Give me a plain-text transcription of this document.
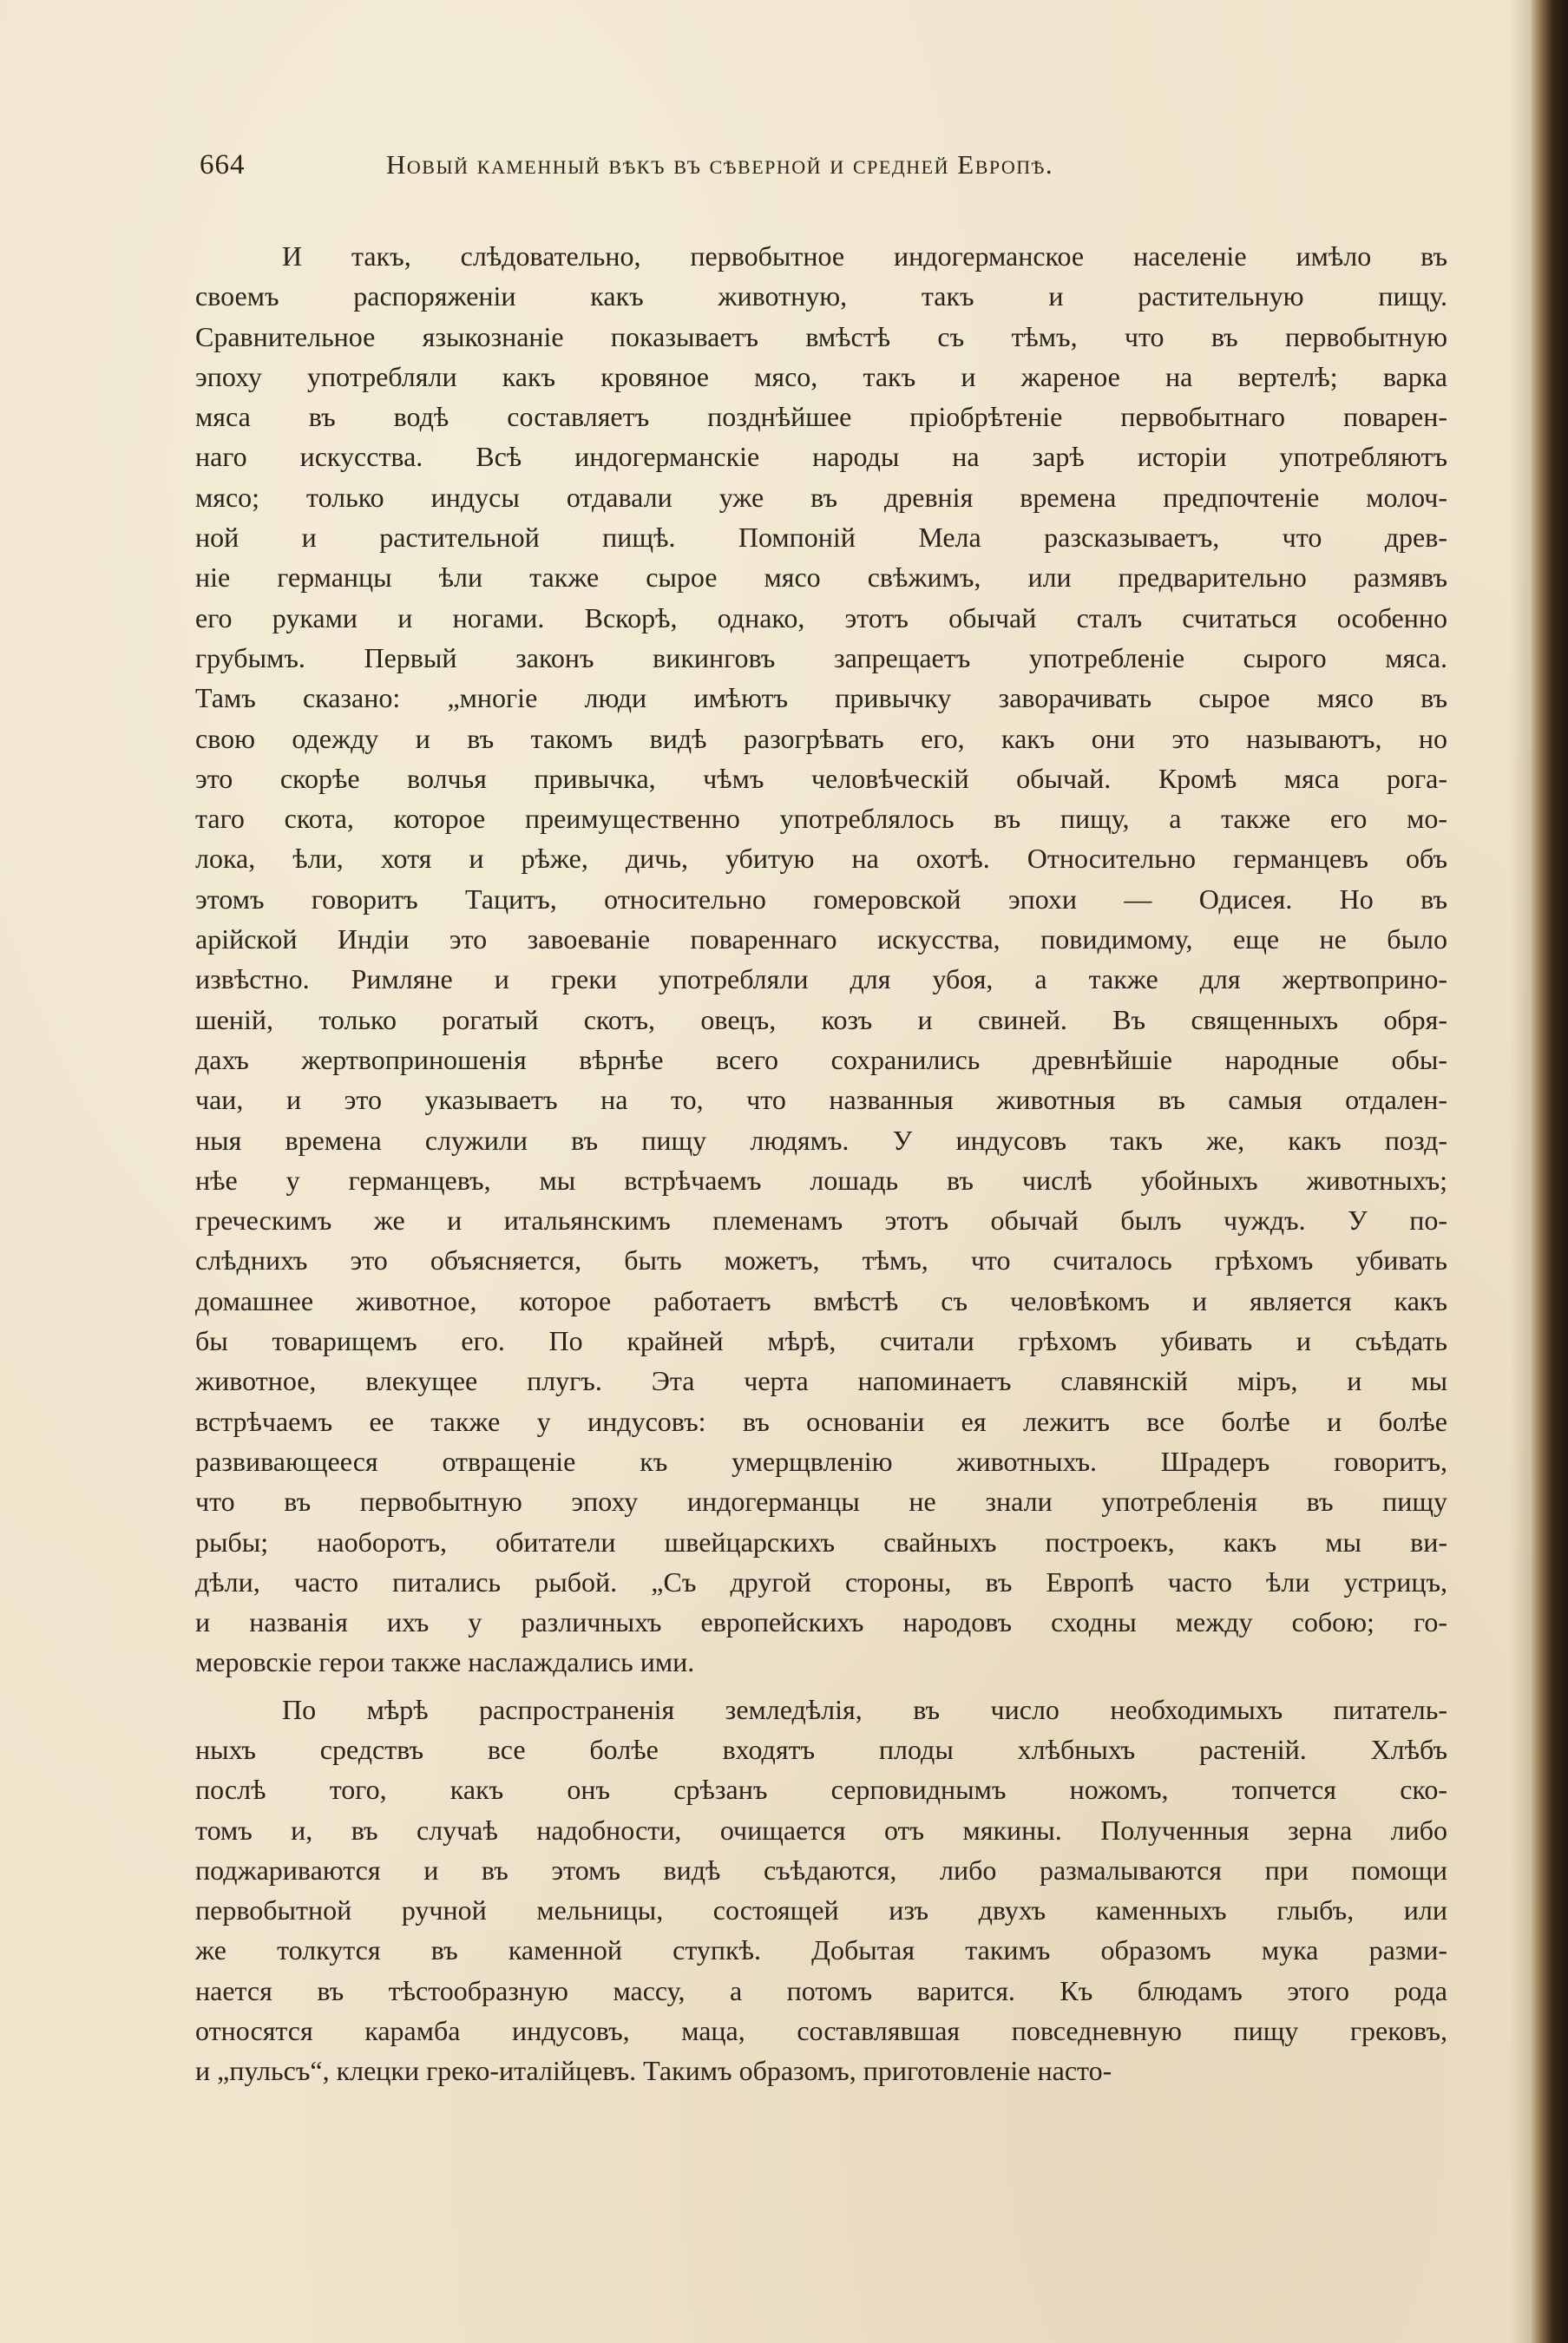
664	Новый каменный вѣкъ въ сѣверной и средней Европѣ.
И такъ, слѣдовательно, первобытное индогерманское населеніе имѣло въ
своемъ распоряженіи какъ животную, такъ и растительную пищу.
Сравнительное языкознаніе показываетъ вмѣстѣ съ тѣмъ, что въ первобытную
эпоху употребляли какъ кровяное мясо, такъ и жареное на вертелѣ; варка
мяса въ водѣ составляетъ позднѣйшее пріобрѣтеніе первобытнаго поварен-
наго искусства. Всѣ индогерманскіе народы на зарѣ исторіи употребляютъ
мясо; только индусы отдавали уже въ древнія времена предпочтеніе молоч-
ной и растительной пищѣ. Помпоній Мела разсказываетъ, что древ-
ніе германцы ѣли также сырое мясо свѣжимъ, или предварительно размявъ
его руками и ногами. Вскорѣ, однако, этотъ обычай сталъ считаться особенно
грубымъ. Первый законъ викинговъ запрещаетъ употребленіе сырого мяса.
Тамъ сказано: „многіе люди имѣютъ привычку заворачивать сырое мясо въ
свою одежду и въ такомъ видѣ разогрѣвать его, какъ они это называютъ, но
это скорѣе волчья привычка, чѣмъ человѣческій обычай. Кромѣ мяса рога-
таго скота, которое преимущественно употреблялось въ пищу, а также его мо-
лока, ѣли, хотя и рѣже, дичь, убитую на охотѣ. Относительно германцевъ объ
этомъ говоритъ Тацитъ, относительно гомеровской эпохи — Одисея. Но въ
арійской Индіи это завоеваніе повареннаго искусства, повидимому, еще не было
извѣстно. Римляне и греки употребляли для убоя, а также для жертвоприно-
шеній, только рогатый скотъ, овецъ, козъ и свиней. Въ священныхъ обря-
дахъ жертвоприношенія вѣрнѣе всего сохранились древнѣйшіе народные обы-
чаи, и это указываетъ на то, что названныя животныя въ самыя отдален-
ныя времена служили въ пищу людямъ. У индусовъ такъ же, какъ позд-
нѣе у германцевъ, мы встрѣчаемъ лошадь въ числѣ убойныхъ животныхъ;
греческимъ же и итальянскимъ племенамъ этотъ обычай былъ чуждъ. У по-
слѣднихъ это объясняется, быть можетъ, тѣмъ, что считалось грѣхомъ убивать
домашнее животное, которое работаетъ вмѣстѣ съ человѣкомъ и является какъ
бы товарищемъ его. По крайней мѣрѣ, считали грѣхомъ убивать и съѣдать
животное, влекущее плугъ. Эта черта напоминаетъ славянскій міръ, и мы
встрѣчаемъ ее также у индусовъ: въ основаніи ея лежитъ все болѣе и болѣе
развивающееся отвращеніе къ умерщвленію животныхъ. Шрадеръ говоритъ,
что въ первобытную эпоху индогерманцы не знали употребленія въ пищу
рыбы; наоборотъ, обитатели швейцарскихъ свайныхъ построекъ, какъ мы ви-
дѣли, часто питались рыбой. „Съ другой стороны, въ Европѣ часто ѣли устрицъ,
и названія ихъ у различныхъ европейскихъ народовъ сходны между собою; го-
меровскіе герои также наслаждались ими.
По мѣрѣ распространенія земледѣлія, въ число необходимыхъ питатель-
ныхъ средствъ все болѣе входятъ плоды хлѣбныхъ растеній. Хлѣбъ
послѣ того, какъ онъ срѣзанъ серповиднымъ ножомъ, топчется ско-
томъ и, въ случаѣ надобности, очищается отъ мякины. Полученныя зерна либо
поджариваются и въ этомъ видѣ съѣдаются, либо размалываются при помощи
первобытной ручной мельницы, состоящей изъ двухъ каменныхъ глыбъ, или
же толкутся въ каменной ступкѣ. Добытая такимъ образомъ мука разми-
нается въ тѣстообразную массу, а потомъ варится. Къ блюдамъ этого рода
относятся карамба индусовъ, маца, составлявшая повседневную пищу грековъ,
и „пульсъ“, клецки греко-италійцевъ. Такимъ образомъ, приготовленіе насто-
